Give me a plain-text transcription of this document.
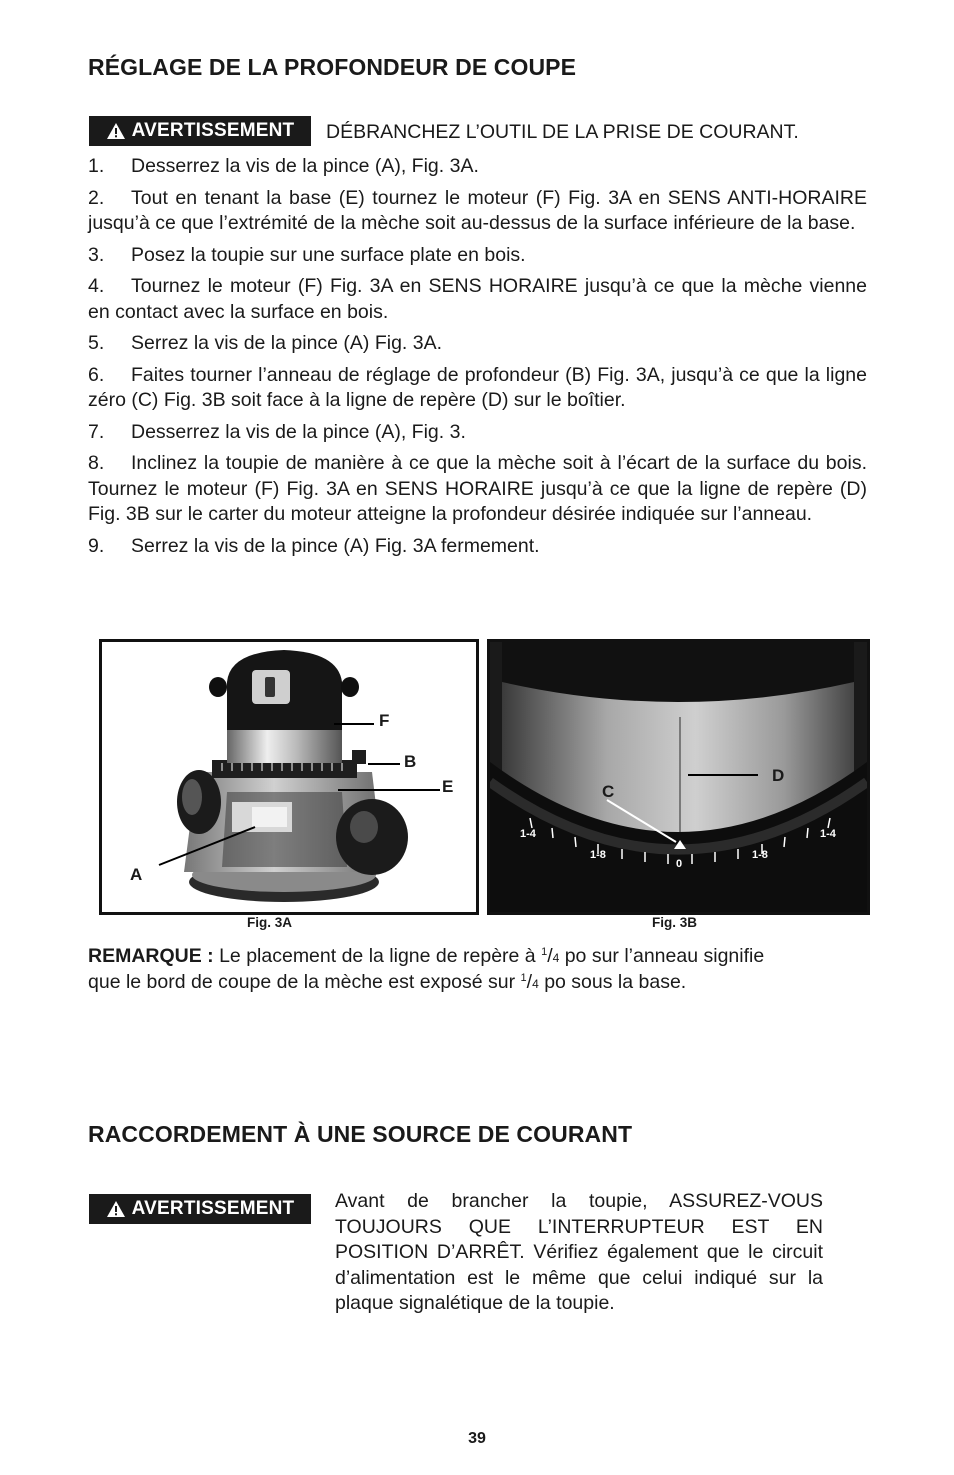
RÉGLAGE DE LA PROFONDEUR DE COUPE
AVERTISSEMENT DÉBRANCHEZ L’OUTIL DE LA PRISE DE COURANT.
1. Desserrez la vis de la pince (A), Fig. 3A.
2. Tout en tenant la base (E) tournez le moteur (F) Fig. 3A en SENS ANTI-HORAIRE jusqu’à ce que l’extrémité de la mèche soit au-dessus de la surface inférieure de la base.
3. Posez la toupie sur une surface plate en bois.
4. Tournez le moteur (F) Fig. 3A en SENS HORAIRE jusqu’à ce que la mèche vienne en contact avec la surface en bois.
5. Serrez la vis de la pince (A) Fig. 3A.
6. Faites tourner l’anneau de réglage de profondeur (B) Fig. 3A, jusqu’à ce que la ligne zéro (C) Fig. 3B soit face à la ligne de repère (D) sur le boîtier.
7. Desserrez la vis de la pince (A), Fig. 3.
8. Inclinez la toupie de manière à ce que la mèche soit à l’écart de la surface du bois. Tournez le moteur (F) Fig. 3A en SENS HORAIRE jusqu’à ce que la ligne de repère (D) Fig. 3B sur le carter du moteur atteigne la profondeur désirée indiquée sur l’anneau.
9. Serrez la vis de la pince (A) Fig. 3A fermement.
F
B
E
A
Fig. 3A
D
C
0
1-8	1-8
1-4	1-4
Fig. 3B
REMARQUE : Le placement de la ligne de repère à $^1$/4 po sur l’anneau signifie
que le bord de coupe de la mèche est exposé sur $^1$/4 po sous la base.
RACCORDEMENT À UNE SOURCE DE COURANT
AVERTISSEMENT Avant de brancher la toupie, ASSUREZ-VOUS TOUJOURS QUE L’INTERRUPTEUR EST EN POSITION D’ARRÊT. Vérifiez également que le circuit d’alimentation est le même que celui indiqué sur la plaque signalétique de la toupie.
39
